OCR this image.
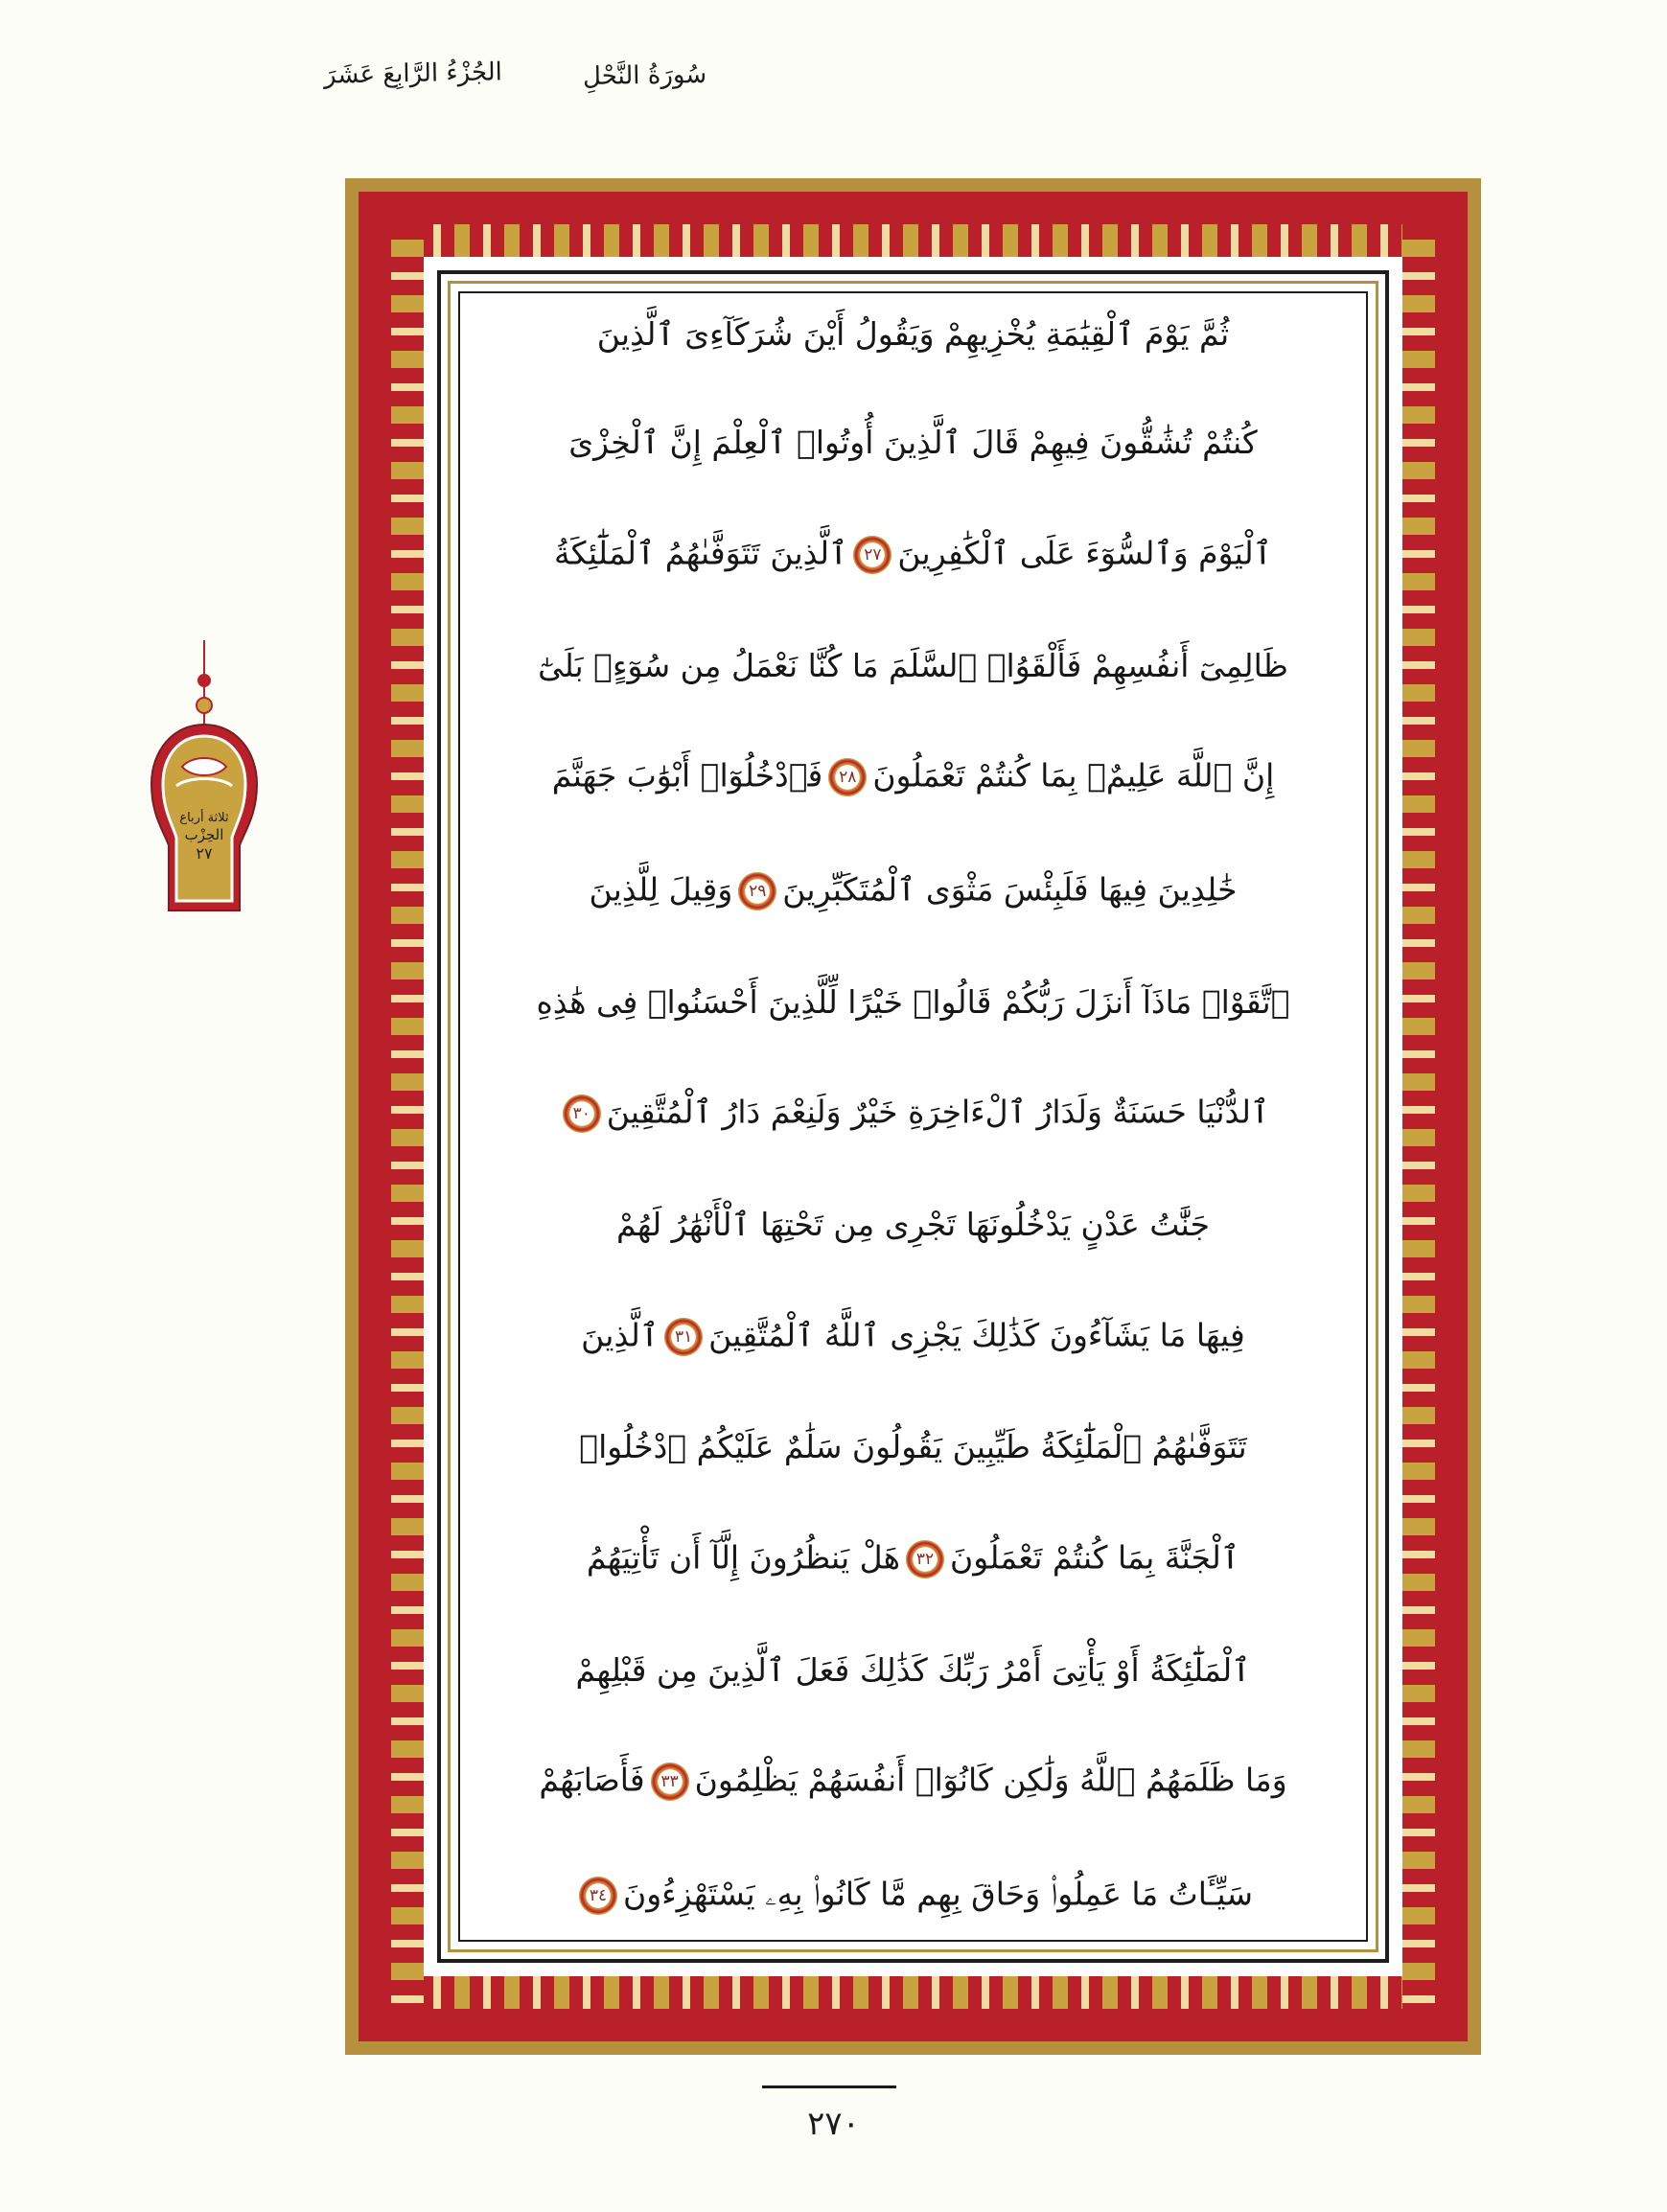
الجُزْءُ الرَّابِعَ عَشَرَ	سُورَةُ النَّحْلِ
ثلاثة أرباع
الحِزْب
٢٧
ثُمَّ يَوْمَ ٱلْقِيَٰمَةِ يُخْزِيهِمْ وَيَقُولُ أَيْنَ شُرَكَآءِىَ ٱلَّذِينَ
كُنتُمْ تُشَٰقُّونَ فِيهِمْ قَالَ ٱلَّذِينَ أُوتُوا۟ ٱلْعِلْمَ إِنَّ ٱلْخِزْىَ
ٱلْيَوْمَ وَٱلسُّوٓءَ عَلَى ٱلْكَٰفِرِينَ٢٧ٱلَّذِينَ تَتَوَفَّىٰهُمُ ٱلْمَلَٰٓئِكَةُ
ظَالِمِىٓ أَنفُسِهِمْ فَأَلْقَوُا۟ ٱلسَّلَمَ مَا كُنَّا نَعْمَلُ مِن سُوٓءٍۭ بَلَىٰٓ
إِنَّ ٱللَّهَ عَلِيمٌۢ بِمَا كُنتُمْ تَعْمَلُونَ٢٨فَٱدْخُلُوٓا۟ أَبْوَٰبَ جَهَنَّمَ
خَٰلِدِينَ فِيهَا فَلَبِئْسَ مَثْوَى ٱلْمُتَكَبِّرِينَ٢٩وَقِيلَ لِلَّذِينَ
ٱتَّقَوْا۟ مَاذَآ أَنزَلَ رَبُّكُمْ قَالُوا۟ خَيْرًا لِّلَّذِينَ أَحْسَنُوا۟ فِى هَٰذِهِ
ٱلدُّنْيَا حَسَنَةٌ وَلَدَارُ ٱلْءَاخِرَةِ خَيْرٌ وَلَنِعْمَ دَارُ ٱلْمُتَّقِينَ٣٠
جَنَّٰتُ عَدْنٍ يَدْخُلُونَهَا تَجْرِى مِن تَحْتِهَا ٱلْأَنْهَٰرُ لَهُمْ
فِيهَا مَا يَشَآءُونَ كَذَٰلِكَ يَجْزِى ٱللَّهُ ٱلْمُتَّقِينَ٣١ٱلَّذِينَ
تَتَوَفَّىٰهُمُ ٱلْمَلَٰٓئِكَةُ طَيِّبِينَ يَقُولُونَ سَلَٰمٌ عَلَيْكُمُ ٱدْخُلُوا۟
ٱلْجَنَّةَ بِمَا كُنتُمْ تَعْمَلُونَ٣٢هَلْ يَنظُرُونَ إِلَّآ أَن تَأْتِيَهُمُ
ٱلْمَلَٰٓئِكَةُ أَوْ يَأْتِىَ أَمْرُ رَبِّكَ كَذَٰلِكَ فَعَلَ ٱلَّذِينَ مِن قَبْلِهِمْ
وَمَا ظَلَمَهُمُ ٱللَّهُ وَلَٰكِن كَانُوٓا۟ أَنفُسَهُمْ يَظْلِمُونَ٣٣فَأَصَابَهُمْ
سَيِّـَٔاتُ مَا عَمِلُوا۟ وَحَاقَ بِهِم مَّا كَانُوا۟ بِهِۦ يَسْتَهْزِءُونَ٣٤
٢٧٠
